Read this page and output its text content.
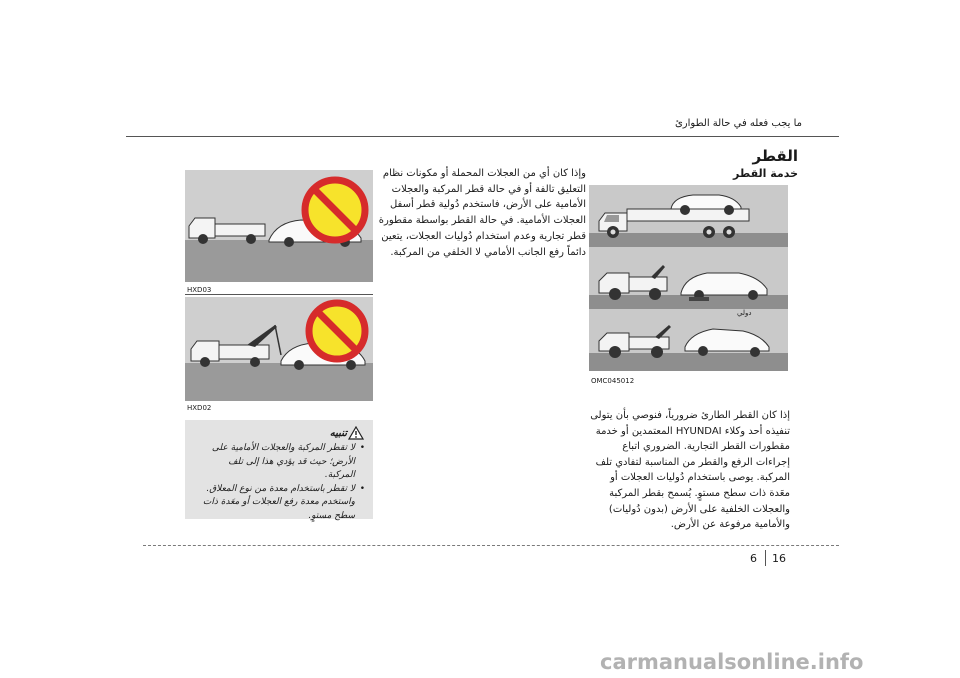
ما يجب فعله في حالة الطوارئ
القطر
خدمة القطر
دولي
OMC045012
إذا كان القطر الطارئ ضرورياً، فنوصي بأن يتولى تنفيذه أحد وكلاء HYUNDAI المعتمدين أو خدمة مقطورات القطر التجارية. الضروري اتباع إجراءات الرفع والقطر من المناسبة لتفادي تلف المركبة. يوصى باستخدام دُوليات العجلات أو معَدة ذات سطح مستوٍ. يُسمح بقطر المركبة والعجلات الخلفية على الأرض (بدون دُوليات) والأمامية مرفوعة عن الأرض.
وإذا كان أي من العجلات المحملة أو مكونات نظام التعليق تالفة أو في حالة قطر المركبة والعجلات الأمامية على الأرض، فاستخدم دُولية قطر أسفل العجلات الأمامية. في حالة القطر بواسطة مقطورة قطر تجارية وعدم استخدام دُوليات العجلات، يتعين دائماً رفع الجانب الأمامي لا الخلفي من المركبة.
HXD03
HXD02
تنبيه
• لا تقطر المركبة والعجلات الأمامية على الأرض؛ حيث قد يؤدي هذا إلى تلف المركبة.
• لا تقطر باستخدام معدة من نوع المعلاق. واستخدم معدة رفع العجلات أو معَدة ذات سطح مستوٍ.
6 16
carmanualsonline.info
